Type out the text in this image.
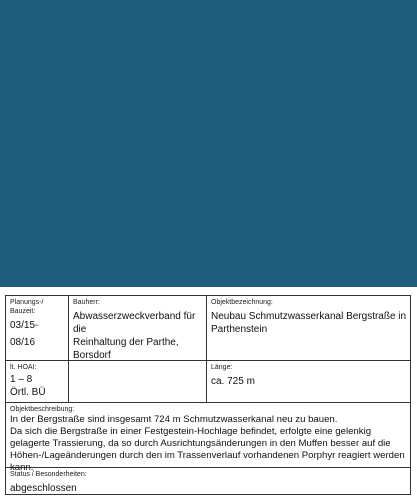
Planungs-/
Bauzeit:
03/15-
08/16
Bauherr:
Abwasserzweckverband für die
Reinhaltung der Parthe,
Borsdorf
Objektbezeichnung:
Neubau Schmutzwasserkanal Bergstraße in
Parthenstein
lt. HOAI:
1 – 8
Örtl. BÜ
Länge:
ca. 725 m
Objektbeschreibung:
In der Bergstraße sind insgesamt 724 m Schmutzwasserkanal neu zu bauen.
Da sich die Bergstraße in einer Festgestein-Hochlage befindet, erfolgte eine gelenkig
gelagerte Trassierung, da so durch Ausrichtungsänderungen in den Muffen besser auf die
Höhen-/Lageänderungen durch den im Trassenverlauf vorhandenen Porphyr reagiert werden
kann.
Status / Besonderheiten:
abgeschlossen
